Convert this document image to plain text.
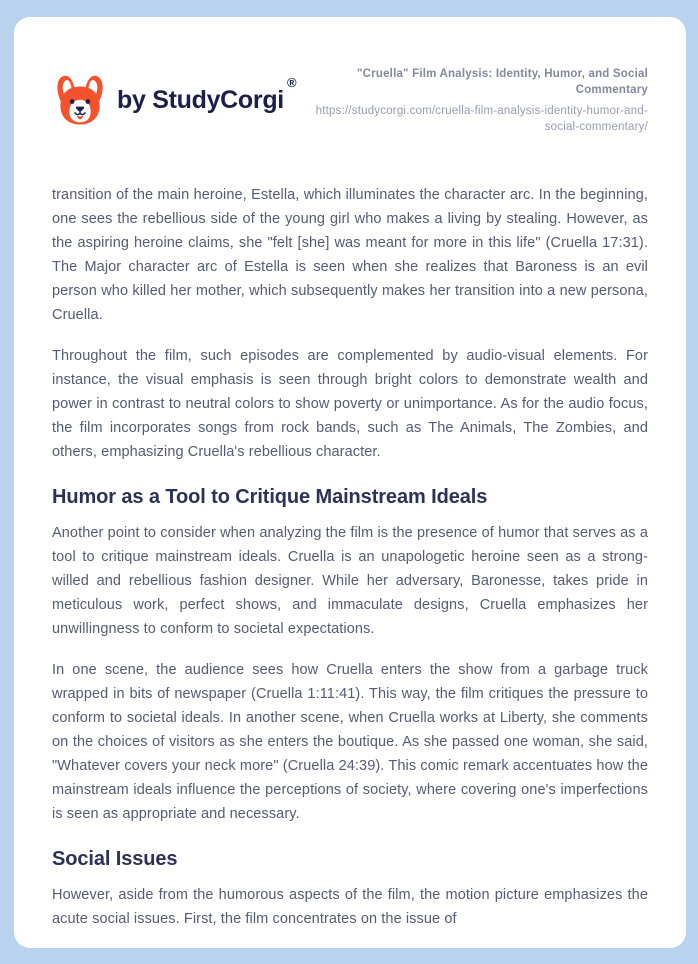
by StudyCorgi
®
"Cruella" Film Analysis: Identity, Humor, and Social Commentary
https://studycorgi.com/cruella-film-analysis-identity-humor-and-social-commentary/

transition of the main heroine, Estella, which illuminates the character arc. In the beginning, one sees the rebellious side of the young girl who makes a living by stealing. However, as the aspiring heroine claims, she "felt [she] was meant for more in this life" (Cruella 17:31). The Major character arc of Estella is seen when she realizes that Baroness is an evil person who killed her mother, which subsequently makes her transition into a new persona, Cruella.

Throughout the film, such episodes are complemented by audio-visual elements. For instance, the visual emphasis is seen through bright colors to demonstrate wealth and power in contrast to neutral colors to show poverty or unimportance. As for the audio focus, the film incorporates songs from rock bands, such as The Animals, The Zombies, and others, emphasizing Cruella's rebellious character.

Humor as a Tool to Critique Mainstream Ideals

Another point to consider when analyzing the film is the presence of humor that serves as a tool to critique mainstream ideals. Cruella is an unapologetic heroine seen as a strong-willed and rebellious fashion designer. While her adversary, Baronesse, takes pride in meticulous work, perfect shows, and immaculate designs, Cruella emphasizes her unwillingness to conform to societal expectations.

In one scene, the audience sees how Cruella enters the show from a garbage truck wrapped in bits of newspaper (Cruella 1:11:41). This way, the film critiques the pressure to conform to societal ideals. In another scene, when Cruella works at Liberty, she comments on the choices of visitors as she enters the boutique. As she passed one woman, she said, "Whatever covers your neck more" (Cruella 24:39). This comic remark accentuates how the mainstream ideals influence the perceptions of society, where covering one's imperfections is seen as appropriate and necessary.

Social Issues

However, aside from the humorous aspects of the film, the motion picture emphasizes the acute social issues. First, the film concentrates on the issue of
